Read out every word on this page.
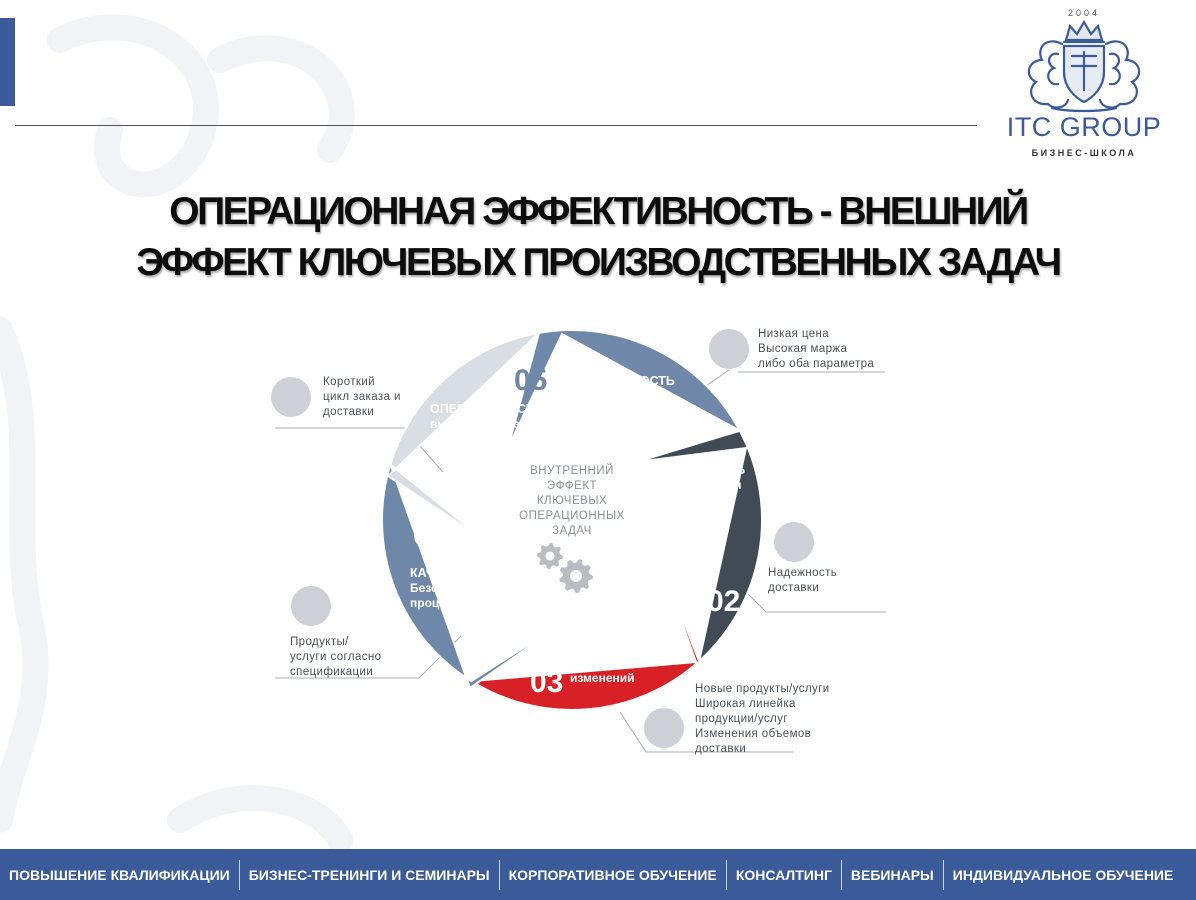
2004
ITC GROUP
БИЗНЕС-ШКОЛА
ОПЕРАЦИОННАЯ ЭФФЕКТИВНОСТЬ - ВНЕШНИЙ
ЭФФЕКТ КЛЮЧЕВЫХ ПРОИЗВОДСТВЕННЫХ ЗАДАЧ
СЕБЕСТОИМОСТЬ
Высокая произво-
дительность 01
НАДЕЖНОСТЬ
Операционная
надежность
02
ГИБКОСТЬ
Возможность
изменений
03
КАЧЕСТВО
Безошибочные
процессы
04
ОПЕРАТИВНОСТЬ
высокая произ-
водительность
05
ВНУТРЕННИЙ
ЭФФЕКТ
КЛЮЧЕВЫХ
ОПЕРАЦИОННЫХ
ЗАДАЧ
Низкая цена
Высокая маржа
либо оба параметра
Надежность
доставки
Новые продукты/услуги
Широкая линейка
продукции/услуг
Изменения объемов
доставки
Продукты/
услуги согласно
спецификации
Короткий
цикл заказа и
доставки
ПОВЫШЕНИЕ КВАЛИФИКАЦИИ	БИЗНЕС-ТРЕНИНГИ И СЕМИНАРЫ	КОРПОРАТИВНОЕ ОБУЧЕНИЕ	КОНСАЛТИНГ	ВЕБИНАРЫ	ИНДИВИДУАЛЬНОЕ ОБУЧЕНИЕ
